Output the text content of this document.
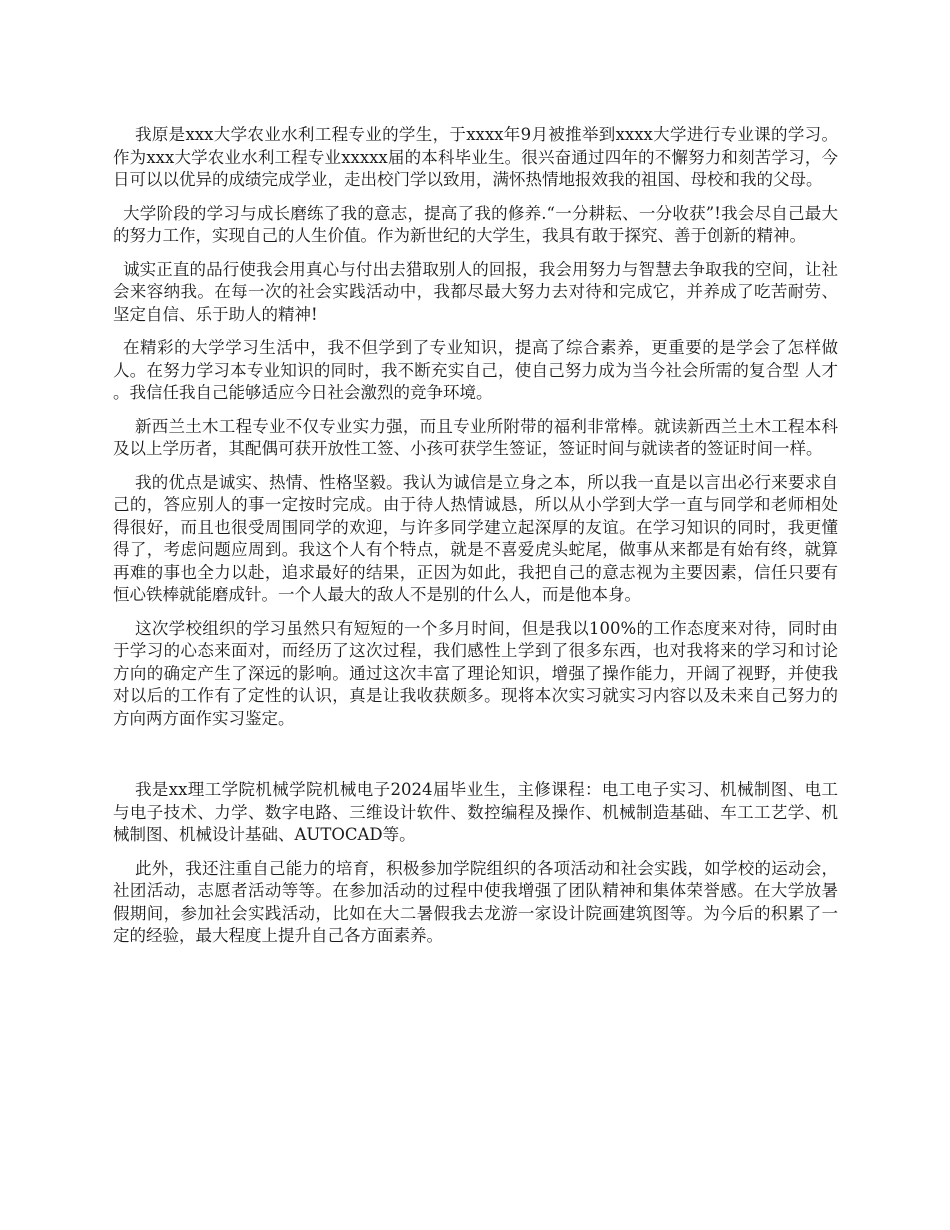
我原是xxx大学农业水利工程专业的学生，于xxxx年9月被推举到xxxx大学进行专业课的学习。作为xxx大学农业水利工程专业xxxxx届的本科毕业生。很兴奋通过四年的不懈努力和刻苦学习，今日可以以优异的成绩完成学业，走出校门学以致用，满怀热情地报效我的祖国、母校和我的父母。

大学阶段的学习与成长磨练了我的意志，提高了我的修养.“一分耕耘、一分收获”!我会尽自己最大的努力工作，实现自己的人生价值。作为新世纪的大学生，我具有敢于探究、善于创新的精神。

诚实正直的品行使我会用真心与付出去猎取别人的回报，我会用努力与智慧去争取我的空间，让社会来容纳我。在每一次的社会实践活动中，我都尽最大努力去对待和完成它，并养成了吃苦耐劳、坚定自信、乐于助人的精神!

在精彩的大学学习生活中，我不但学到了专业知识，提高了综合素养，更重要的是学会了怎样做人。在努力学习本专业知识的同时，我不断充实自己，使自己努力成为当今社会所需的复合型 人才 。我信任我自己能够适应今日社会激烈的竞争环境。

新西兰土木工程专业不仅专业实力强，而且专业所附带的福利非常棒。就读新西兰土木工程本科及以上学历者，其配偶可获开放性工签、小孩可获学生签证，签证时间与就读者的签证时间一样。

我的优点是诚实、热情、性格坚毅。我认为诚信是立身之本，所以我一直是以言出必行来要求自己的，答应别人的事一定按时完成。由于待人热情诚恳，所以从小学到大学一直与同学和老师相处得很好，而且也很受周围同学的欢迎，与许多同学建立起深厚的友谊。在学习知识的同时，我更懂得了，考虑问题应周到。我这个人有个特点，就是不喜爱虎头蛇尾，做事从来都是有始有终，就算再难的事也全力以赴，追求最好的结果，正因为如此，我把自己的意志视为主要因素，信任只要有恒心铁棒就能磨成针。一个人最大的敌人不是别的什么人，而是他本身。

这次学校组织的学习虽然只有短短的一个多月时间，但是我以100%的工作态度来对待，同时由于学习的心态来面对，而经历了这次过程，我们感性上学到了很多东西，也对我将来的学习和讨论方向的确定产生了深远的影响。通过这次丰富了理论知识，增强了操作能力，开阔了视野，并使我对以后的工作有了定性的认识，真是让我收获颇多。现将本次实习就实习内容以及未来自己努力的方向两方面作实习鉴定。

我是xx理工学院机械学院机械电子2024届毕业生，主修课程：电工电子实习、机械制图、电工与电子技术、力学、数字电路、三维设计软件、数控编程及操作、机械制造基础、车工工艺学、机械制图、机械设计基础、AUTOCAD等。

此外，我还注重自己能力的培育，积极参加学院组织的各项活动和社会实践，如学校的运动会，社团活动，志愿者活动等等。在参加活动的过程中使我增强了团队精神和集体荣誉感。在大学放暑假期间，参加社会实践活动，比如在大二暑假我去龙游一家设计院画建筑图等。为今后的积累了一定的经验，最大程度上提升自己各方面素养。
